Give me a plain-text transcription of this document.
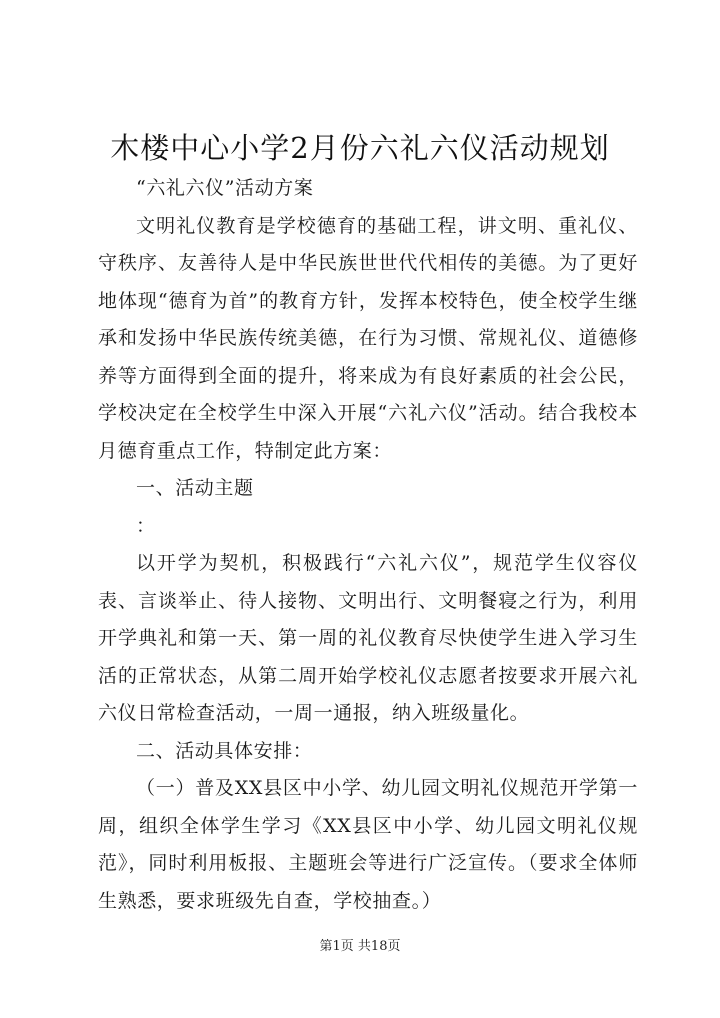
木楼中心小学2月份六礼六仪活动规划

“六礼六仪”活动方案

文明礼仪教育是学校德育的基础工程，讲文明、重礼仪、守秩序、友善待人是中华民族世世代代相传的美德。为了更好地体现“德育为首”的教育方针，发挥本校特色，使全校学生继承和发扬中华民族传统美德，在行为习惯、常规礼仪、道德修养等方面得到全面的提升，将来成为有良好素质的社会公民，学校决定在全校学生中深入开展“六礼六仪”活动。结合我校本月德育重点工作，特制定此方案：

一、活动主题

：

以开学为契机，积极践行“六礼六仪”，规范学生仪容仪表、言谈举止、待人接物、文明出行、文明餐寝之行为，利用开学典礼和第一天、第一周的礼仪教育尽快使学生进入学习生活的正常状态，从第二周开始学校礼仪志愿者按要求开展六礼六仪日常检查活动，一周一通报，纳入班级量化。

二、活动具体安排：

（一）普及XX县区中小学、幼儿园文明礼仪规范开学第一周，组织全体学生学习《XX县区中小学、幼儿园文明礼仪规范》，同时利用板报、主题班会等进行广泛宣传。（要求全体师生熟悉，要求班级先自查，学校抽查。）

第1页 共18页
